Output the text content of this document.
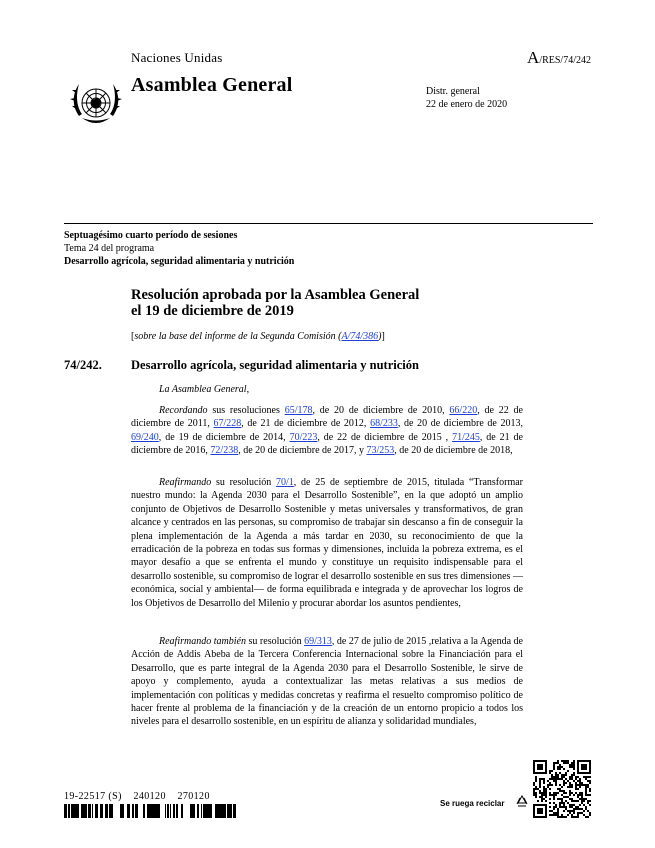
Naciones Unidas	A/RES/74/242
Asamblea General	Distr. general
22 de enero de 2020
Septuagésimo cuarto período de sesiones
Tema 24 del programa
Desarrollo agrícola, seguridad alimentaria y nutrición
Resolución aprobada por la Asamblea General
el 19 de diciembre de 2019
[sobre la base del informe de la Segunda Comisión (A/74/386)]
74/242. Desarrollo agrícola, seguridad alimentaria y nutrición
La Asamblea General,
Recordando sus resoluciones 65/178, de 20 de diciembre de 2010, 66/220, de 22 de diciembre de 2011, 67/228, de 21 de diciembre de 2012, 68/233, de 20 de diciembre de 2013, 69/240, de 19 de diciembre de 2014, 70/223, de 22 de diciembre de 2015 , 71/245, de 21 de diciembre de 2016, 72/238, de 20 de diciembre de 2017, y 73/253, de 20 de diciembre de 2018,
Reafirmando su resolución 70/1, de 25 de septiembre de 2015, titulada “Transformar nuestro mundo: la Agenda 2030 para el Desarrollo Sostenible”, en la que adoptó un amplio conjunto de Objetivos de Desarrollo Sostenible y metas universales y transformativos, de gran alcance y centrados en las personas, su compromiso de trabajar sin descanso a fin de conseguir la plena implementación de la Agenda a más tardar en 2030, su reconocimiento de que la erradicación de la pobreza en todas sus formas y dimensiones, incluida la pobreza extrema, es el mayor desafío a que se enfrenta el mundo y constituye un requisito indispensable para el desarrollo sostenible, su compromiso de lograr el desarrollo sostenible en sus tres dimensiones —económica, social y ambiental— de forma equilibrada e integrada y de aprovechar los logros de los Objetivos de Desarrollo del Milenio y procurar abordar los asuntos pendientes,
Reafirmando también su resolución 69/313, de 27 de julio de 2015 ,relativa a la Agenda de Acción de Addis Abeba de la Tercera Conferencia Internacional sobre la Financiación para el Desarrollo, que es parte integral de la Agenda 2030 para el Desarrollo Sostenible, le sirve de apoyo y complemento, ayuda a contextualizar las metas relativas a sus medios de implementación con políticas y medidas concretas y reafirma el resuelto compromiso político de hacer frente al problema de la financiación y de la creación de un entorno propicio a todos los niveles para el desarrollo sostenible, en un espíritu de alianza y solidaridad mundiales,
19-22517 (S)    240120    270120
Se ruega reciclar
